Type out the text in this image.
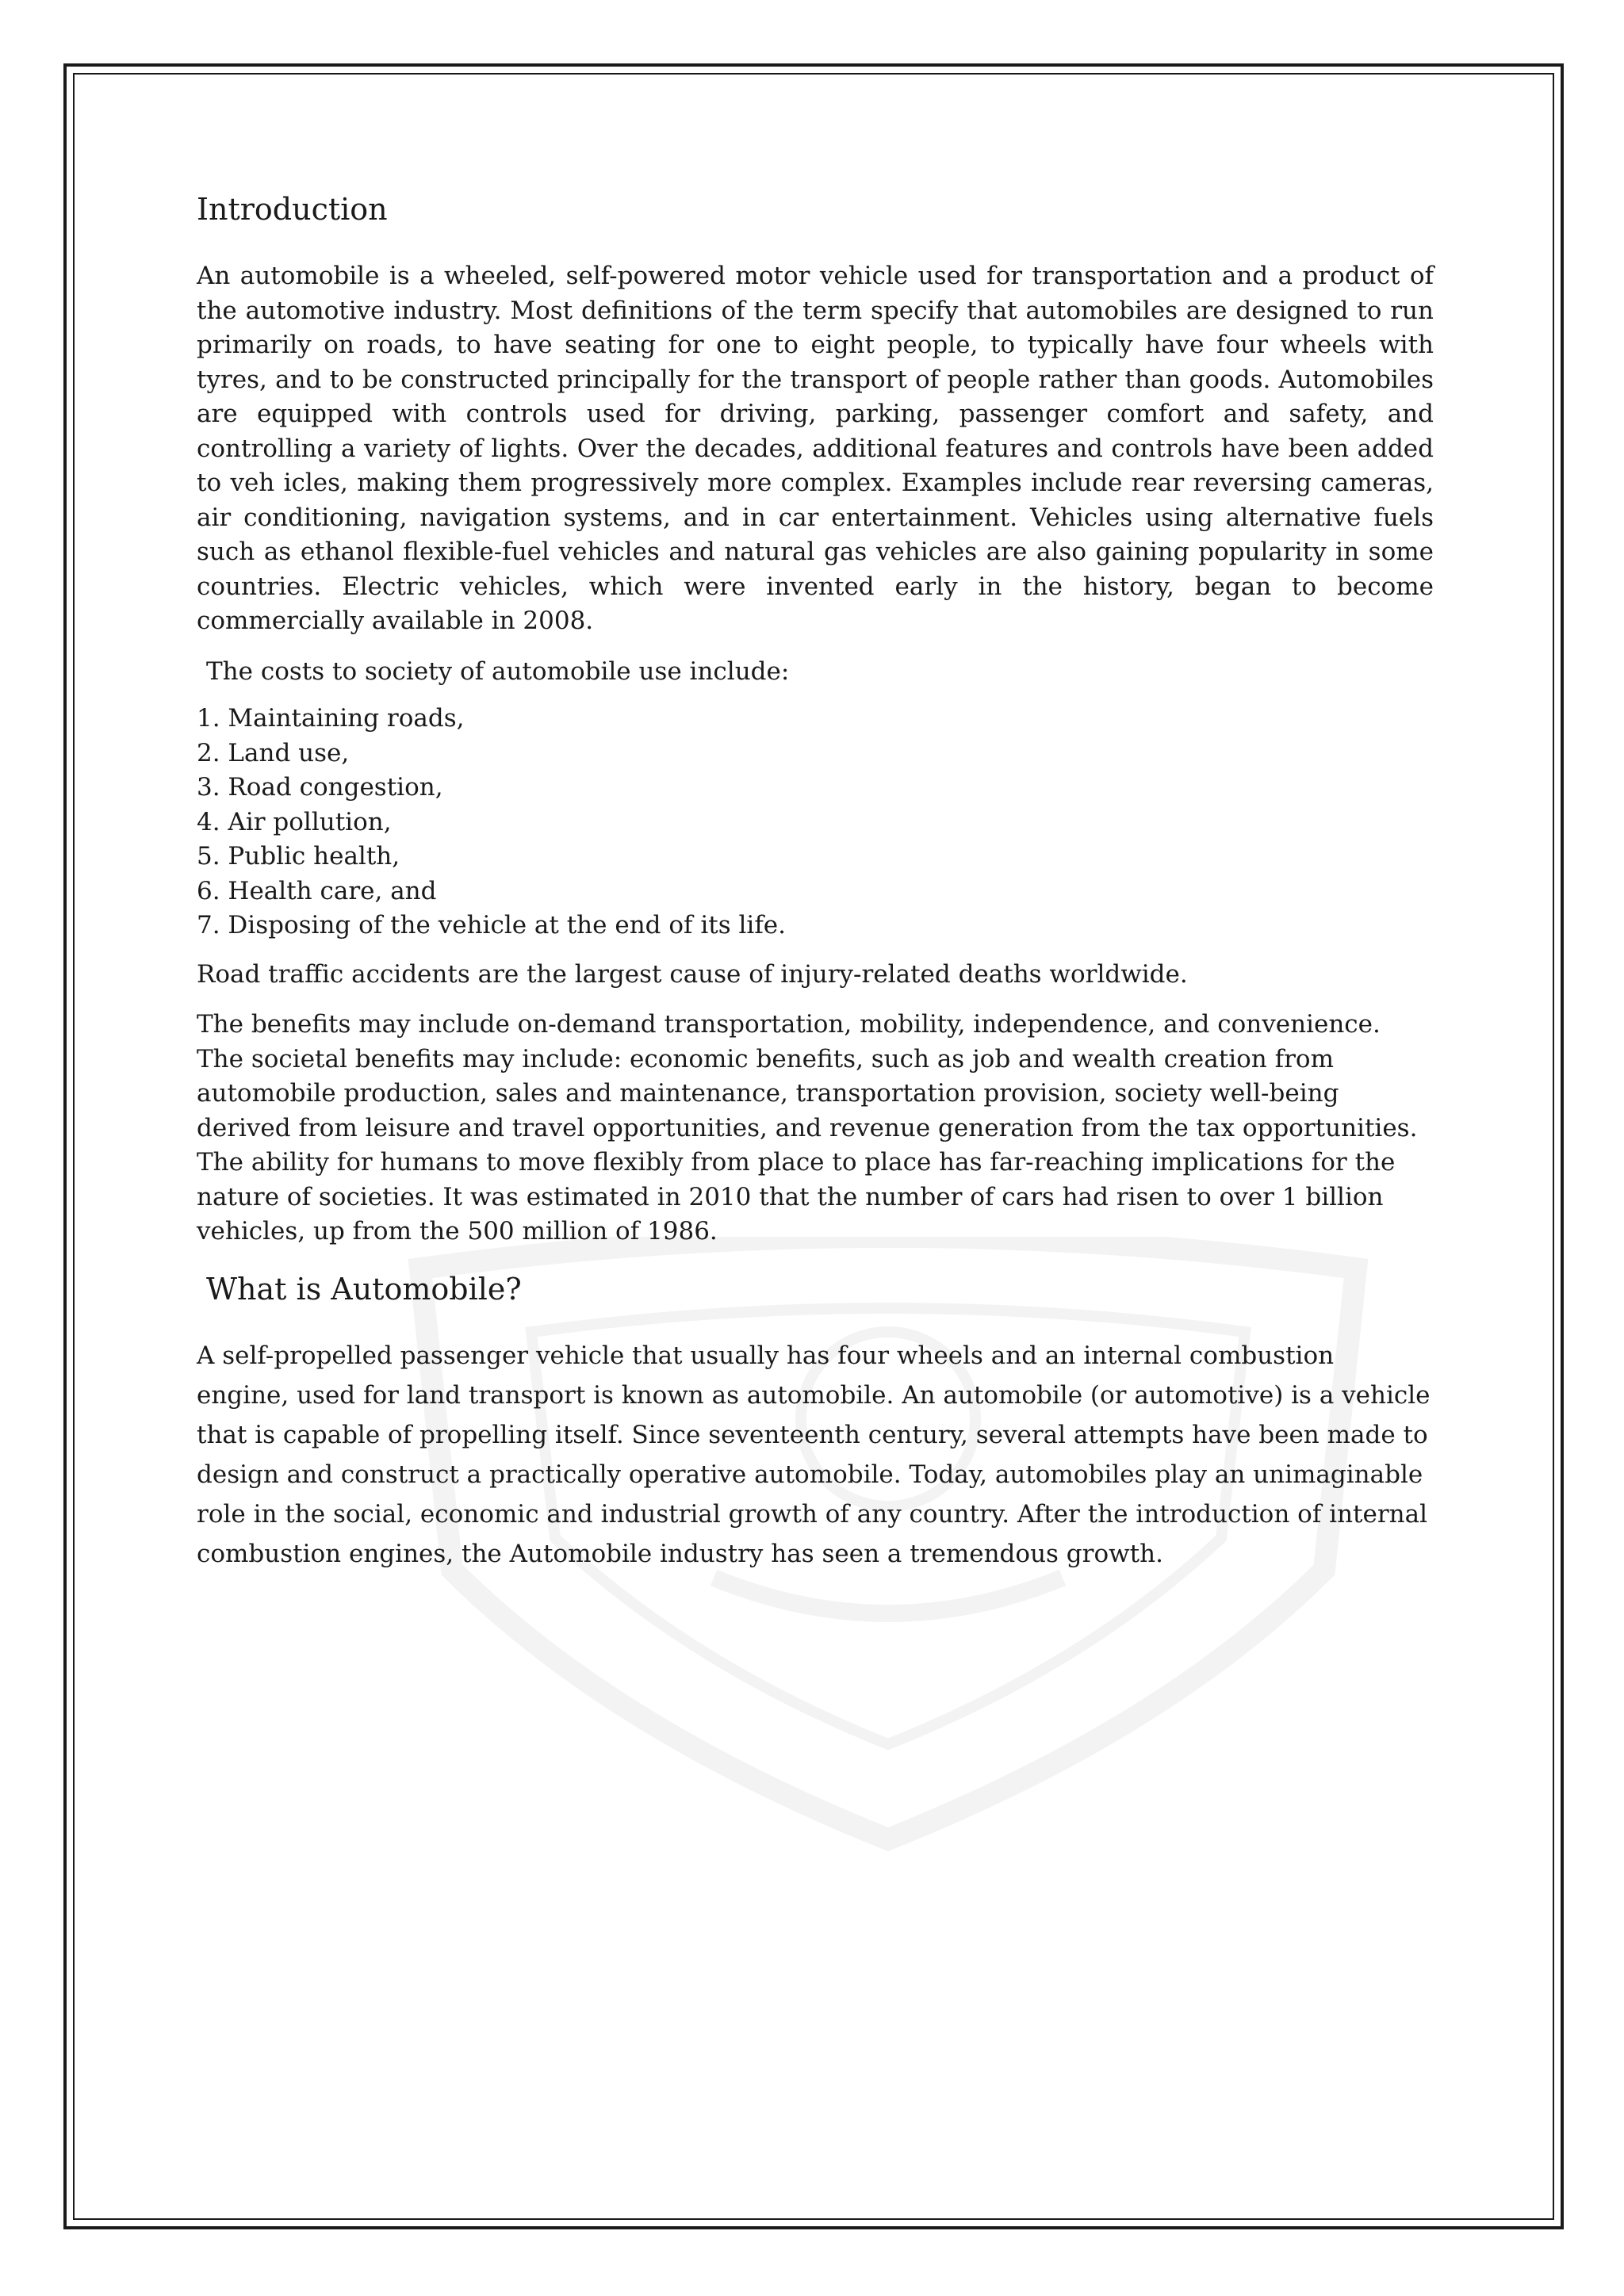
Introduction

An automobile is a wheeled, self-powered motor vehicle used for transportation and a product of the automotive industry. Most definitions of the term specify that automobiles are designed to run primarily on roads, to have seating for one to eight people, to typically have four wheels with tyres, and to be constructed principally for the transport of people rather than goods. Automobiles are equipped with controls used for driving, parking, passenger comfort and safety, and controlling a variety of lights. Over the decades, additional features and controls have been added to veh icles, making them progressively more complex. Examples include rear reversing cameras, air conditioning, navigation systems, and in car entertainment. Vehicles using alternative fuels such as ethanol flexible-fuel vehicles and natural gas vehicles are also gaining popularity in some countries. Electric vehicles, which were invented early in the history, began to become commercially available in 2008.

The costs to society of automobile use include:

1. Maintaining roads,
2. Land use,
3. Road congestion,
4. Air pollution,
5. Public health,
6. Health care, and
7. Disposing of the vehicle at the end of its life.

Road traffic accidents are the largest cause of injury-related deaths worldwide.

The benefits may include on-demand transportation, mobility, independence, and convenience. The societal benefits may include: economic benefits, such as job and wealth creation from automobile production, sales and maintenance, transportation provision, society well-being derived from leisure and travel opportunities, and revenue generation from the tax opportunities. The ability for humans to move flexibly from place to place has far-reaching implications for the nature of societies. It was estimated in 2010 that the number of cars had risen to over 1 billion vehicles, up from the 500 million of 1986.

What is Automobile?

A self-propelled passenger vehicle that usually has four wheels and an internal combustion engine, used for land transport is known as automobile. An automobile (or automotive) is a vehicle that is capable of propelling itself. Since seventeenth century, several attempts have been made to design and construct a practically operative automobile. Today, automobiles play an unimaginable role in the social, economic and industrial growth of any country. After the introduction of internal combustion engines, the Automobile industry has seen a tremendous growth.
